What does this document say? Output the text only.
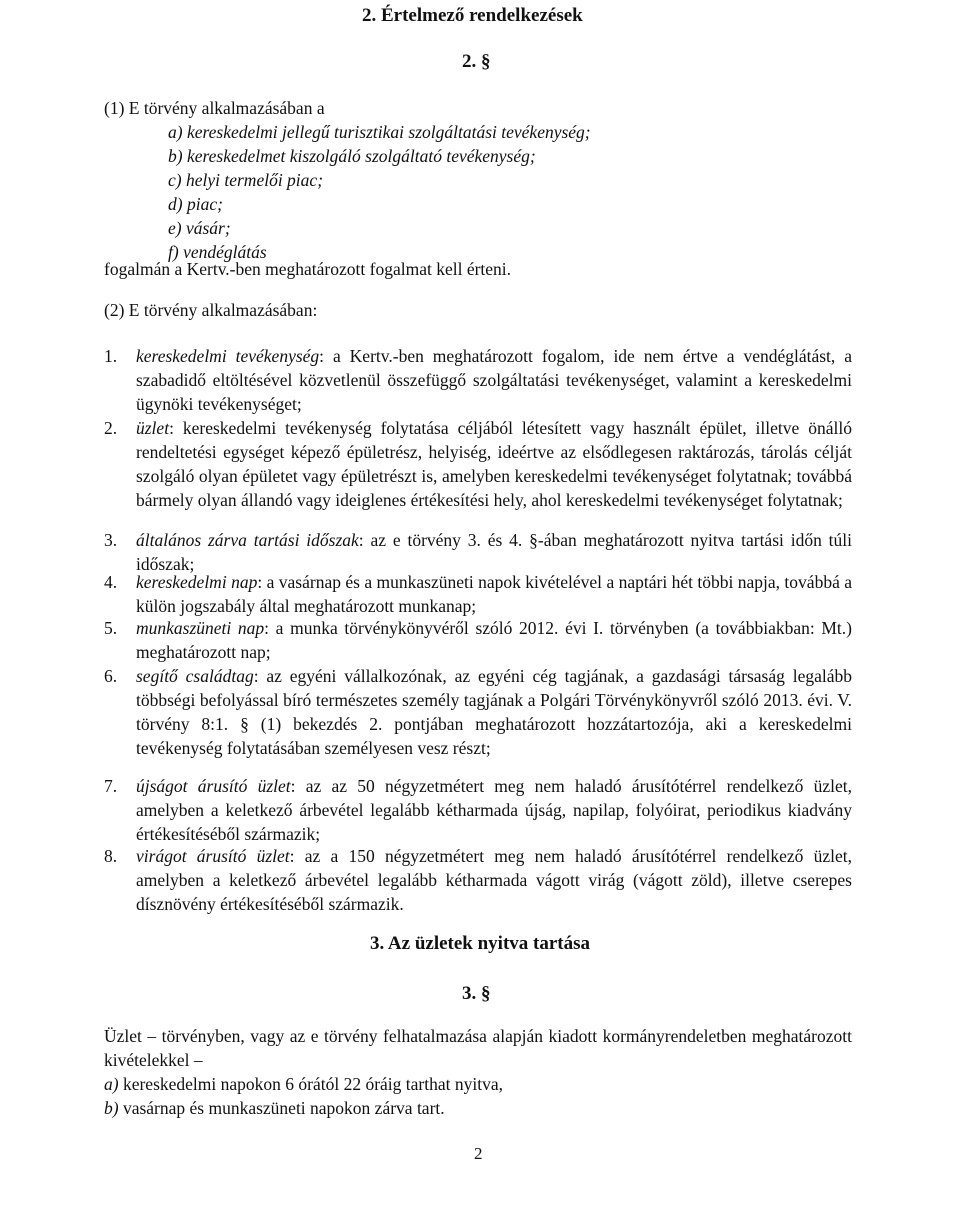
2. Értelmező rendelkezések
2. §
(1) E törvény alkalmazásában a
a) kereskedelmi jellegű turisztikai szolgáltatási tevékenység;
b) kereskedelmet kiszolgáló szolgáltató tevékenység;
c) helyi termelői piac;
d) piac;
e) vásár;
f) vendéglátás
fogalmán a Kertv.-ben meghatározott fogalmat kell érteni.
(2) E törvény alkalmazásában:
1. kereskedelmi tevékenység: a Kertv.-ben meghatározott fogalom, ide nem értve a vendéglátást, a szabadidő eltöltésével közvetlenül összefüggő szolgáltatási tevékenységet, valamint a kereskedelmi ügynöki tevékenységet;
2. üzlet: kereskedelmi tevékenység folytatása céljából létesített vagy használt épület, illetve önálló rendeltetési egységet képező épületrész, helyiség, ideértve az elsődlegesen raktározás, tárolás célját szolgáló olyan épületet vagy épületrészt is, amelyben kereskedelmi tevékenységet folytatnak; továbbá bármely olyan állandó vagy ideiglenes értékesítési hely, ahol kereskedelmi tevékenységet folytatnak;
3. általános zárva tartási időszak: az e törvény 3. és 4. §-ában meghatározott nyitva tartási időn túli időszak;
4. kereskedelmi nap: a vasárnap és a munkaszüneti napok kivételével a naptári hét többi napja, továbbá a külön jogszabály által meghatározott munkanap;
5. munkaszüneti nap: a munka törvénykönyvéről szóló 2012. évi I. törvényben (a továbbiakban: Mt.) meghatározott nap;
6. segítő családtag: az egyéni vállalkozónak, az egyéni cég tagjának, a gazdasági társaság legalább többségi befolyással bíró természetes személy tagjának a Polgári Törvénykönyvről szóló 2013. évi. V. törvény 8:1. § (1) bekezdés 2. pontjában meghatározott hozzátartozója, aki a kereskedelmi tevékenység folytatásában személyesen vesz részt;
7. újságot árusító üzlet: az az 50 négyzetmétert meg nem haladó árusítótérrel rendelkező üzlet, amelyben a keletkező árbevétel legalább kétharmada újság, napilap, folyóirat, periodikus kiadvány értékesítéséből származik;
8. virágot árusító üzlet: az a 150 négyzetmétert meg nem haladó árusítótérrel rendelkező üzlet, amelyben a keletkező árbevétel legalább kétharmada vágott virág (vágott zöld), illetve cserepes dísznövény értékesítéséből származik.
3. Az üzletek nyitva tartása
3. §
Üzlet – törvényben, vagy az e törvény felhatalmazása alapján kiadott kormányrendeletben meghatározott kivételekkel –
a) kereskedelmi napokon 6 órától 22 óráig tarthat nyitva,
b) vasárnap és munkaszüneti napokon zárva tart.
2
